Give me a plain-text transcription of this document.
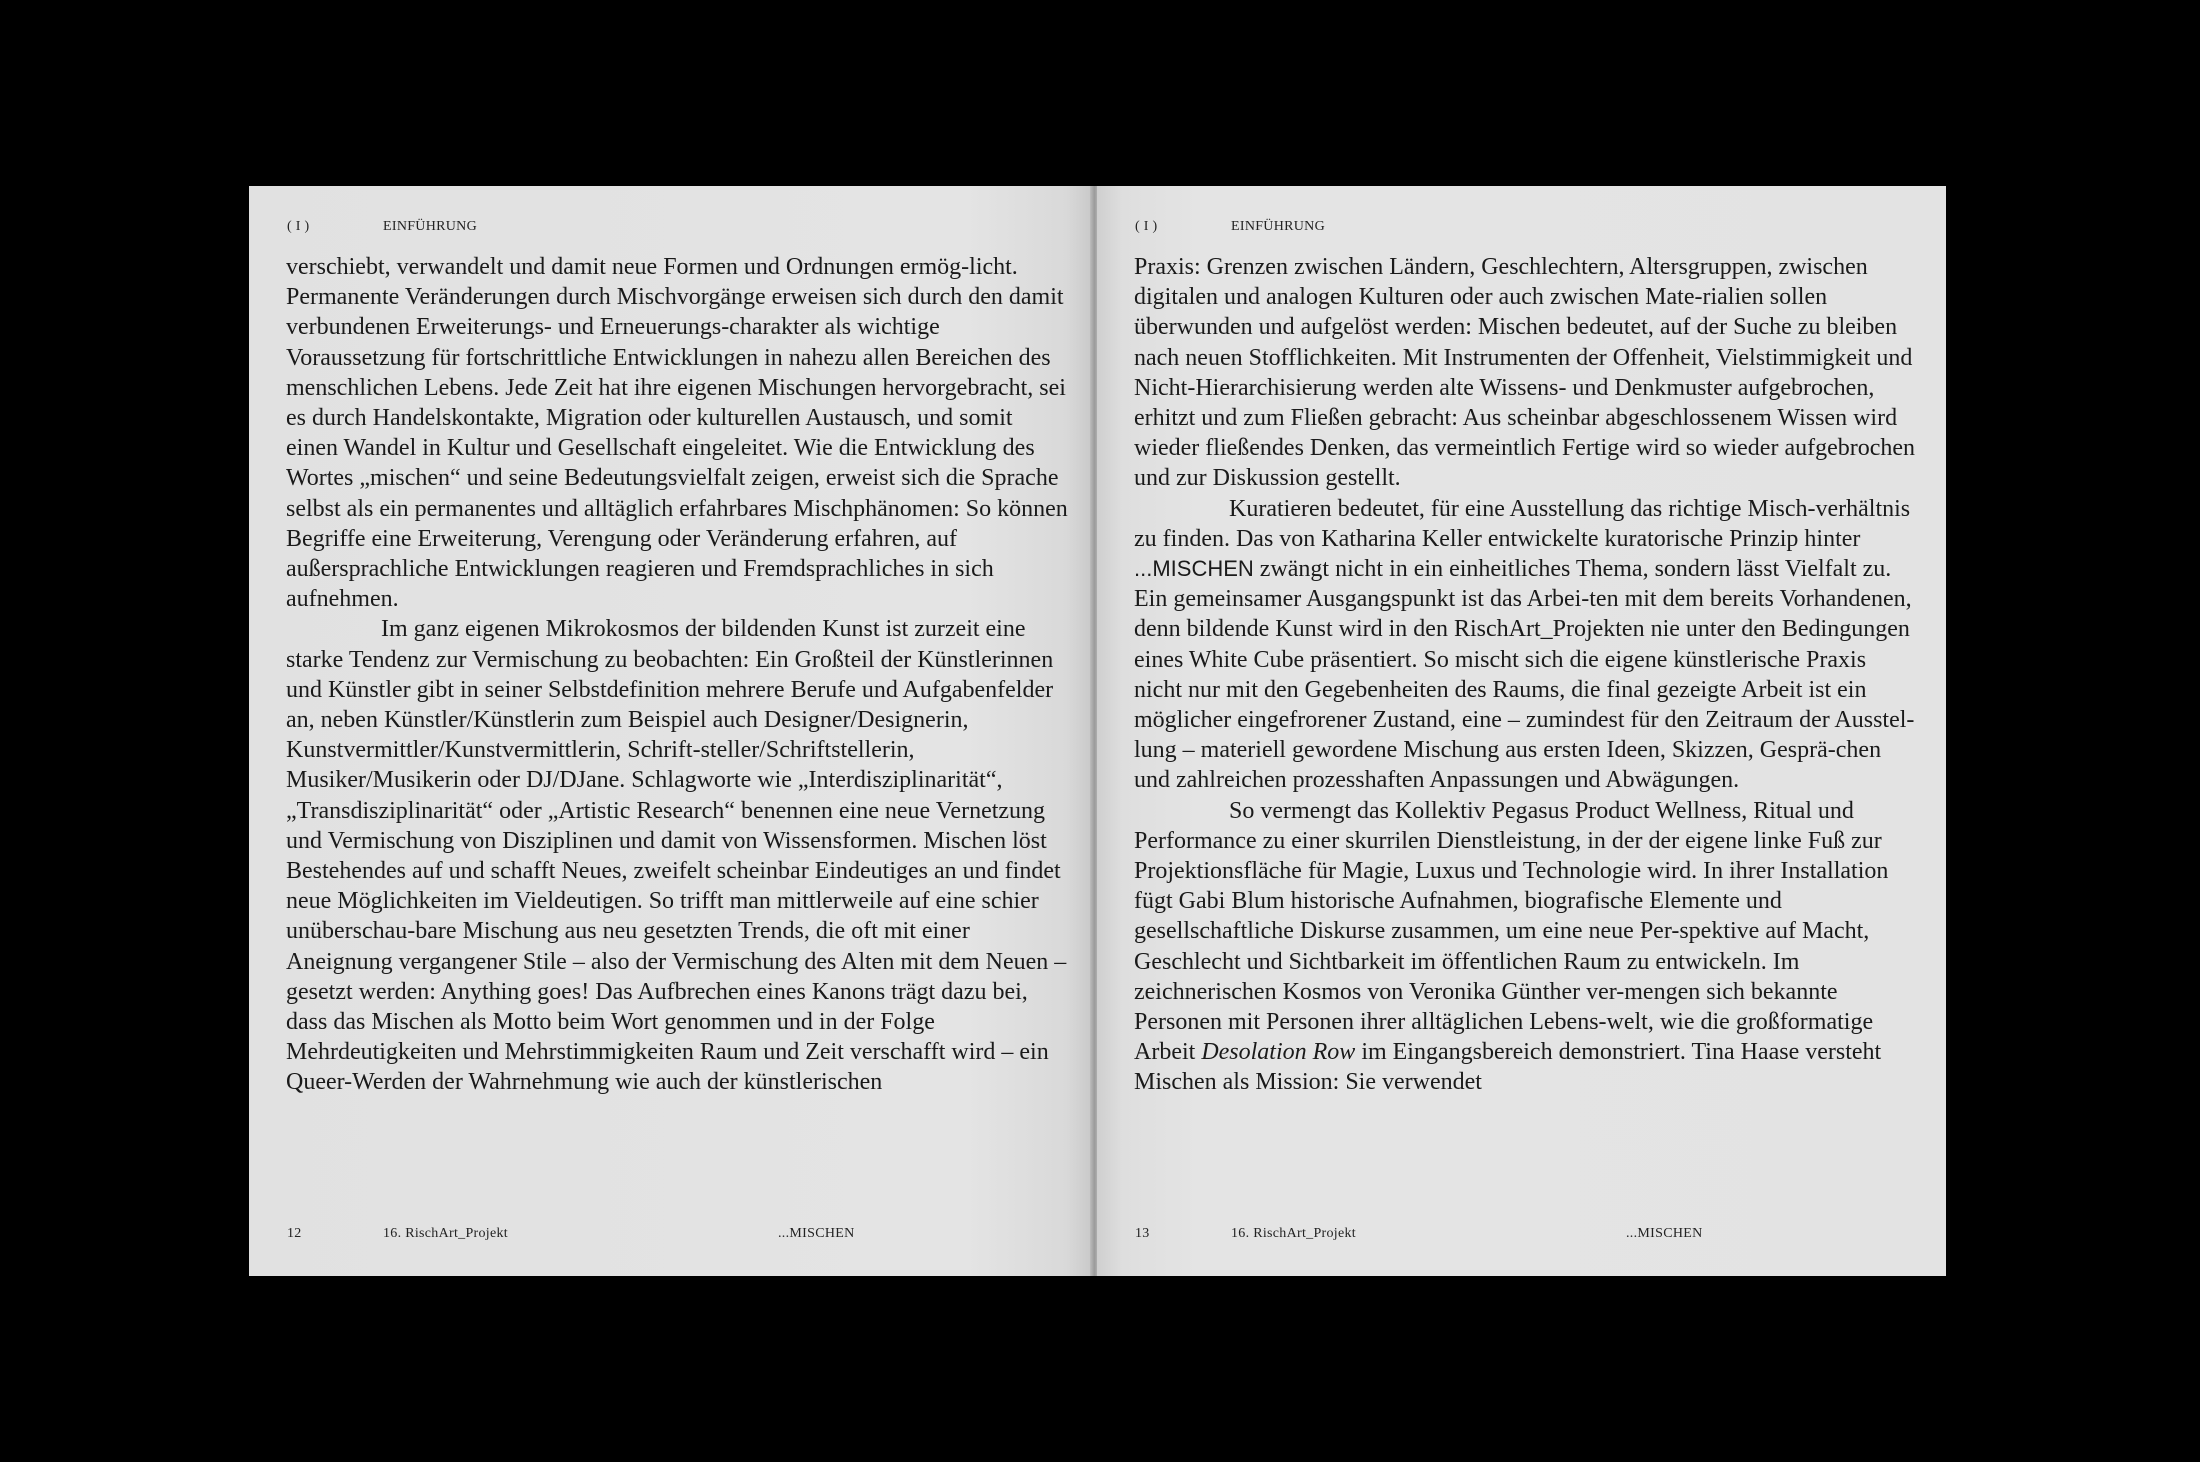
( I )	EINFÜHRUNG

verschiebt, verwandelt und damit neue Formen und Ordnungen ermög-licht. Permanente Veränderungen durch Mischvorgänge erweisen sich durch den damit verbundenen Erweiterungs- und Erneuerungs-charakter als wichtige Voraussetzung für fortschrittliche Entwicklungen in nahezu allen Bereichen des menschlichen Lebens. Jede Zeit hat ihre eigenen Mischungen hervorgebracht, sei es durch Handelskontakte, Migration oder kulturellen Austausch, und somit einen Wandel in Kultur und Gesellschaft eingeleitet. Wie die Entwicklung des Wortes „mischen“ und seine Bedeutungsvielfalt zeigen, erweist sich die Sprache selbst als ein permanentes und alltäglich erfahrbares Mischphänomen: So können Begriffe eine Erweiterung, Verengung oder Veränderung erfahren, auf außersprachliche Entwicklungen reagieren und Fremdsprachliches in sich aufnehmen.

Im ganz eigenen Mikrokosmos der bildenden Kunst ist zurzeit eine starke Tendenz zur Vermischung zu beobachten: Ein Großteil der Künstlerinnen und Künstler gibt in seiner Selbstdefinition mehrere Berufe und Aufgabenfelder an, neben Künstler/Künstlerin zum Beispiel auch Designer/Designerin, Kunstvermittler/Kunstvermittlerin, Schrift-steller/Schriftstellerin, Musiker/Musikerin oder DJ/DJane. Schlagworte wie „Interdisziplinarität“, „Transdisziplinarität“ oder „Artistic Research“ benennen eine neue Vernetzung und Vermischung von Disziplinen und damit von Wissensformen. Mischen löst Bestehendes auf und schafft Neues, zweifelt scheinbar Eindeutiges an und findet neue Möglichkeiten im Vieldeutigen. So trifft man mittlerweile auf eine schier unüberschau-bare Mischung aus neu gesetzten Trends, die oft mit einer Aneignung vergangener Stile – also der Vermischung des Alten mit dem Neuen – gesetzt werden: Anything goes! Das Aufbrechen eines Kanons trägt dazu bei, dass das Mischen als Motto beim Wort genommen und in der Folge Mehrdeutigkeiten und Mehrstimmigkeiten Raum und Zeit verschafft wird – ein Queer-Werden der Wahrnehmung wie auch der künstlerischen

12	16. RischArt_Projekt	...MISCHEN
( I )	EINFÜHRUNG

Praxis: Grenzen zwischen Ländern, Geschlechtern, Altersgruppen, zwischen digitalen und analogen Kulturen oder auch zwischen Mate-rialien sollen überwunden und aufgelöst werden: Mischen bedeutet, auf der Suche zu bleiben nach neuen Stofflichkeiten. Mit Instrumenten der Offenheit, Vielstimmigkeit und Nicht-Hierarchisierung werden alte Wissens- und Denkmuster aufgebrochen, erhitzt und zum Fließen gebracht: Aus scheinbar abgeschlossenem Wissen wird wieder fließendes Denken, das vermeintlich Fertige wird so wieder aufgebrochen und zur Diskussion gestellt.

Kuratieren bedeutet, für eine Ausstellung das richtige Misch-verhältnis zu finden. Das von Katharina Keller entwickelte kuratorische Prinzip hinter ...MISCHEN zwängt nicht in ein einheitliches Thema, sondern lässt Vielfalt zu. Ein gemeinsamer Ausgangspunkt ist das Arbei-ten mit dem bereits Vorhandenen, denn bildende Kunst wird in den RischArt_Projekten nie unter den Bedingungen eines White Cube präsentiert. So mischt sich die eigene künstlerische Praxis nicht nur mit den Gegebenheiten des Raums, die final gezeigte Arbeit ist ein möglicher eingefrorener Zustand, eine – zumindest für den Zeitraum der Ausstel-lung – materiell gewordene Mischung aus ersten Ideen, Skizzen, Gesprä-chen und zahlreichen prozesshaften Anpassungen und Abwägungen.

So vermengt das Kollektiv Pegasus Product Wellness, Ritual und Performance zu einer skurrilen Dienstleistung, in der der eigene linke Fuß zur Projektionsfläche für Magie, Luxus und Technologie wird. In ihrer Installation fügt Gabi Blum historische Aufnahmen, biografische Elemente und gesellschaftliche Diskurse zusammen, um eine neue Per-spektive auf Macht, Geschlecht und Sichtbarkeit im öffentlichen Raum zu entwickeln. Im zeichnerischen Kosmos von Veronika Günther ver-mengen sich bekannte Personen mit Personen ihrer alltäglichen Lebens-welt, wie die großformatige Arbeit Desolation Row im Eingangsbereich demonstriert. Tina Haase versteht Mischen als Mission: Sie verwendet

13	16. RischArt_Projekt	...MISCHEN
